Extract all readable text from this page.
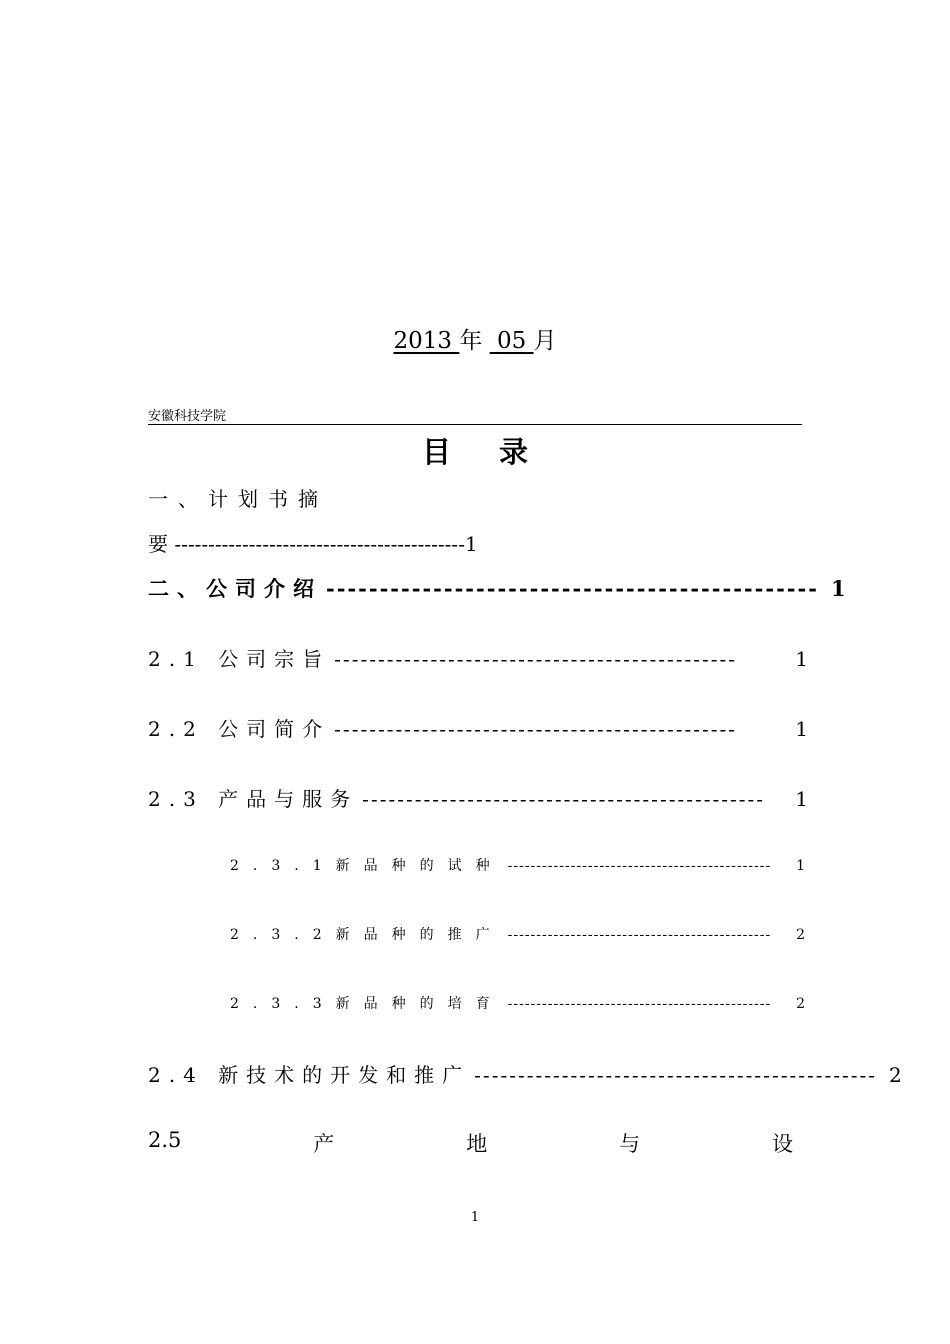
2013 年 05 月
安徽科技学院
目录
一、计划书摘
要 -------------------------------------------1
二、公司介绍 ---------------------------------------------- 1
2.1 公司宗旨 ----------------------------------------------	1
2.2 公司简介 ----------------------------------------------	1
2.3 产品与服务 ----------------------------------------------	1
2.3.1新品种的试种 ----------------------------------------------	1
2.3.2新品种的推广 ----------------------------------------------	2
2.3.3新品种的培育 ----------------------------------------------	2
2.4 新技术的开发和推广 ---------------------------------------------- 2
2.5	产	地	与	设
1
